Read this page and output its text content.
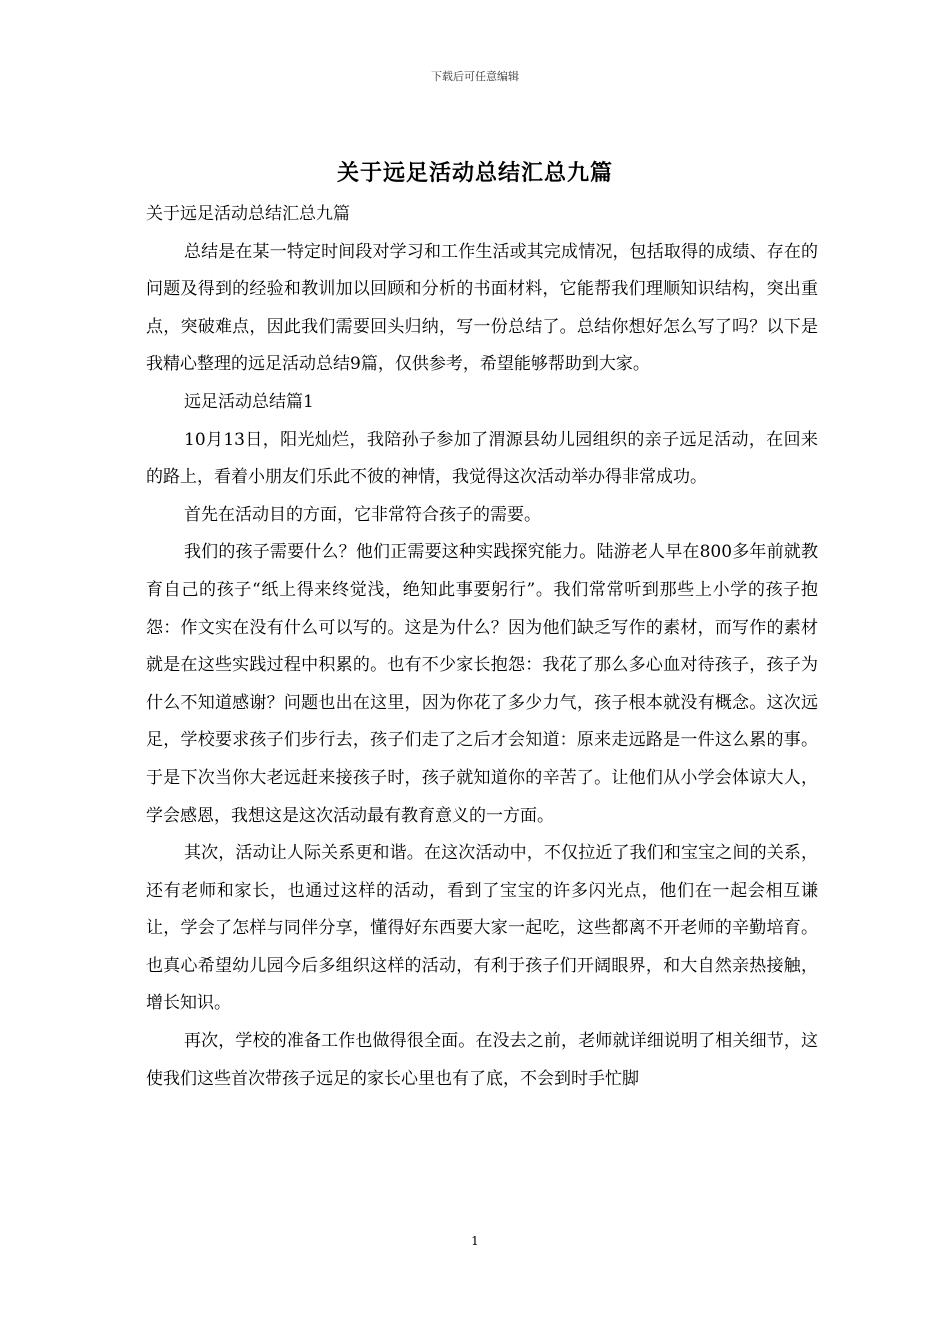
下载后可任意编辑
关于远足活动总结汇总九篇

关于远足活动总结汇总九篇

总结是在某一特定时间段对学习和工作生活或其完成情况，包括取得的成绩、存在的问题及得到的经验和教训加以回顾和分析的书面材料，它能帮我们理顺知识结构，突出重点，突破难点，因此我们需要回头归纳，写一份总结了。总结你想好怎么写了吗？以下是我精心整理的远足活动总结9篇，仅供参考，希望能够帮助到大家。

远足活动总结篇1

10月13日，阳光灿烂，我陪孙子参加了渭源县幼儿园组织的亲子远足活动，在回来的路上，看着小朋友们乐此不彼的神情，我觉得这次活动举办得非常成功。

首先在活动目的方面，它非常符合孩子的需要。

我们的孩子需要什么？他们正需要这种实践探究能力。陆游老人早在800多年前就教育自己的孩子“纸上得来终觉浅，绝知此事要躬行”。我们常常听到那些上小学的孩子抱怨：作文实在没有什么可以写的。这是为什么？因为他们缺乏写作的素材，而写作的素材就是在这些实践过程中积累的。也有不少家长抱怨：我花了那么多心血对待孩子，孩子为什么不知道感谢？问题也出在这里，因为你花了多少力气，孩子根本就没有概念。这次远足，学校要求孩子们步行去，孩子们走了之后才会知道：原来走远路是一件这么累的事。于是下次当你大老远赶来接孩子时，孩子就知道你的辛苦了。让他们从小学会体谅大人，学会感恩，我想这是这次活动最有教育意义的一方面。

其次，活动让人际关系更和谐。在这次活动中，不仅拉近了我们和宝宝之间的关系，还有老师和家长，也通过这样的活动，看到了宝宝的许多闪光点，他们在一起会相互谦让，学会了怎样与同伴分享，懂得好东西要大家一起吃，这些都离不开老师的辛勤培育。也真心希望幼儿园今后多组织这样的活动，有利于孩子们开阔眼界，和大自然亲热接触，增长知识。

再次，学校的准备工作也做得很全面。在没去之前，老师就详细说明了相关细节，这使我们这些首次带孩子远足的家长心里也有了底，不会到时手忙脚

1
